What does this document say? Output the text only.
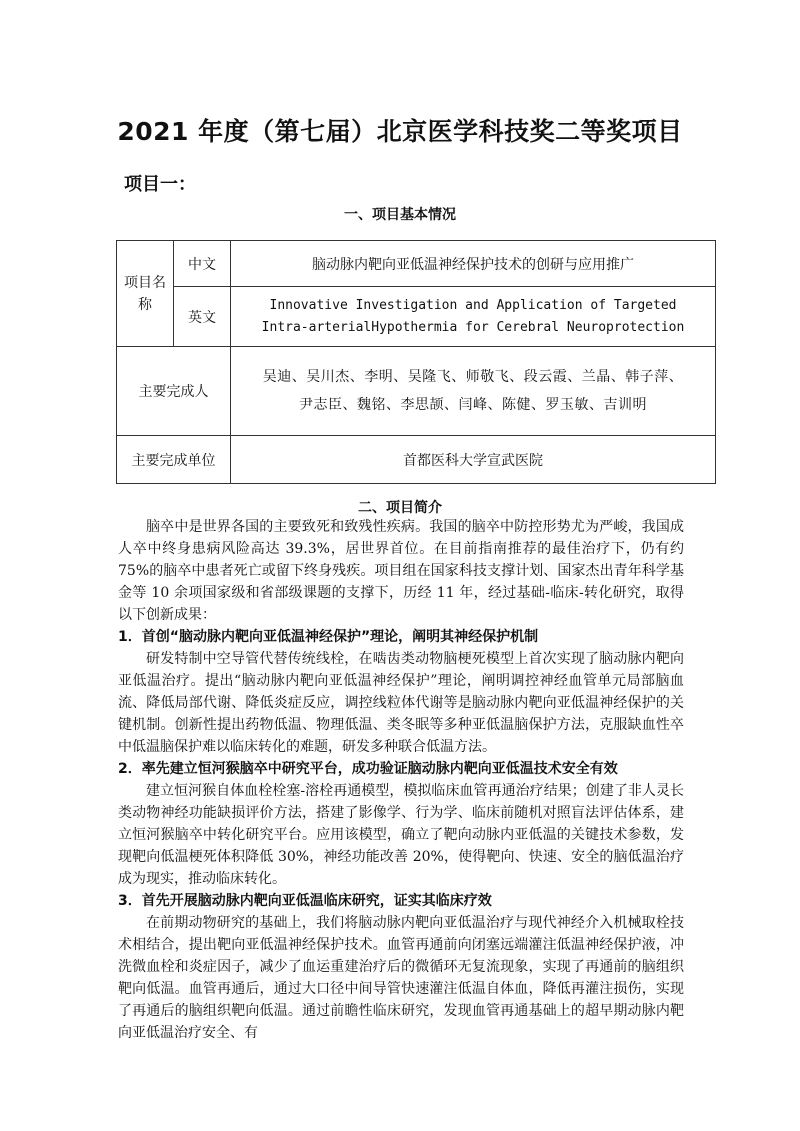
2021 年度（第七届）北京医学科技奖二等奖项目
项目一：
一、项目基本情况
项目名称	中文	脑动脉内靶向亚低温神经保护技术的创研与应用推广
	英文	Innovative Investigation and Application of Targeted
Intra-arterialHypothermia for Cerebral Neuroprotection

主要完成人		吴迪、吴川杰、李明、吴隆飞、师敬飞、段云霞、兰晶、韩子萍、
尹志臣、魏铭、李思颉、闫峰、陈健、罗玉敏、吉训明

主要完成单位		首都医科大学宣武医院
二、项目简介

脑卒中是世界各国的主要致死和致残性疾病。我国的脑卒中防控形势尤为严峻，我国成人卒中终身患病风险高达 39.3%，居世界首位。在目前指南推荐的最佳治疗下，仍有约 75%的脑卒中患者死亡或留下终身残疾。项目组在国家科技支撑计划、国家杰出青年科学基金等 10 余项国家级和省部级课题的支撑下，历经 11 年，经过基础-临床-转化研究，取得以下创新成果：

1．首创“脑动脉内靶向亚低温神经保护”理论，阐明其神经保护机制

研发特制中空导管代替传统线栓，在啮齿类动物脑梗死模型上首次实现了脑动脉内靶向亚低温治疗。提出“脑动脉内靶向亚低温神经保护”理论，阐明调控神经血管单元局部脑血流、降低局部代谢、降低炎症反应，调控线粒体代谢等是脑动脉内靶向亚低温神经保护的关键机制。创新性提出药物低温、物理低温、类冬眠等多种亚低温脑保护方法，克服缺血性卒中低温脑保护难以临床转化的难题，研发多种联合低温方法。

2．率先建立恒河猴脑卒中研究平台，成功验证脑动脉内靶向亚低温技术安全有效

建立恒河猴自体血栓栓塞-溶栓再通模型，模拟临床血管再通治疗结果；创建了非人灵长类动物神经功能缺损评价方法，搭建了影像学、行为学、临床前随机对照盲法评估体系，建立恒河猴脑卒中转化研究平台。应用该模型，确立了靶向动脉内亚低温的关键技术参数，发现靶向低温梗死体积降低 30%，神经功能改善 20%，使得靶向、快速、安全的脑低温治疗成为现实，推动临床转化。

3．首先开展脑动脉内靶向亚低温临床研究，证实其临床疗效

在前期动物研究的基础上，我们将脑动脉内靶向亚低温治疗与现代神经介入机械取栓技术相结合，提出靶向亚低温神经保护技术。血管再通前向闭塞远端灌注低温神经保护液，冲洗微血栓和炎症因子，减少了血运重建治疗后的微循环无复流现象，实现了再通前的脑组织靶向低温。血管再通后，通过大口径中间导管快速灌注低温自体血，降低再灌注损伤，实现了再通后的脑组织靶向低温。通过前瞻性临床研究，发现血管再通基础上的超早期动脉内靶向亚低温治疗安全、有
